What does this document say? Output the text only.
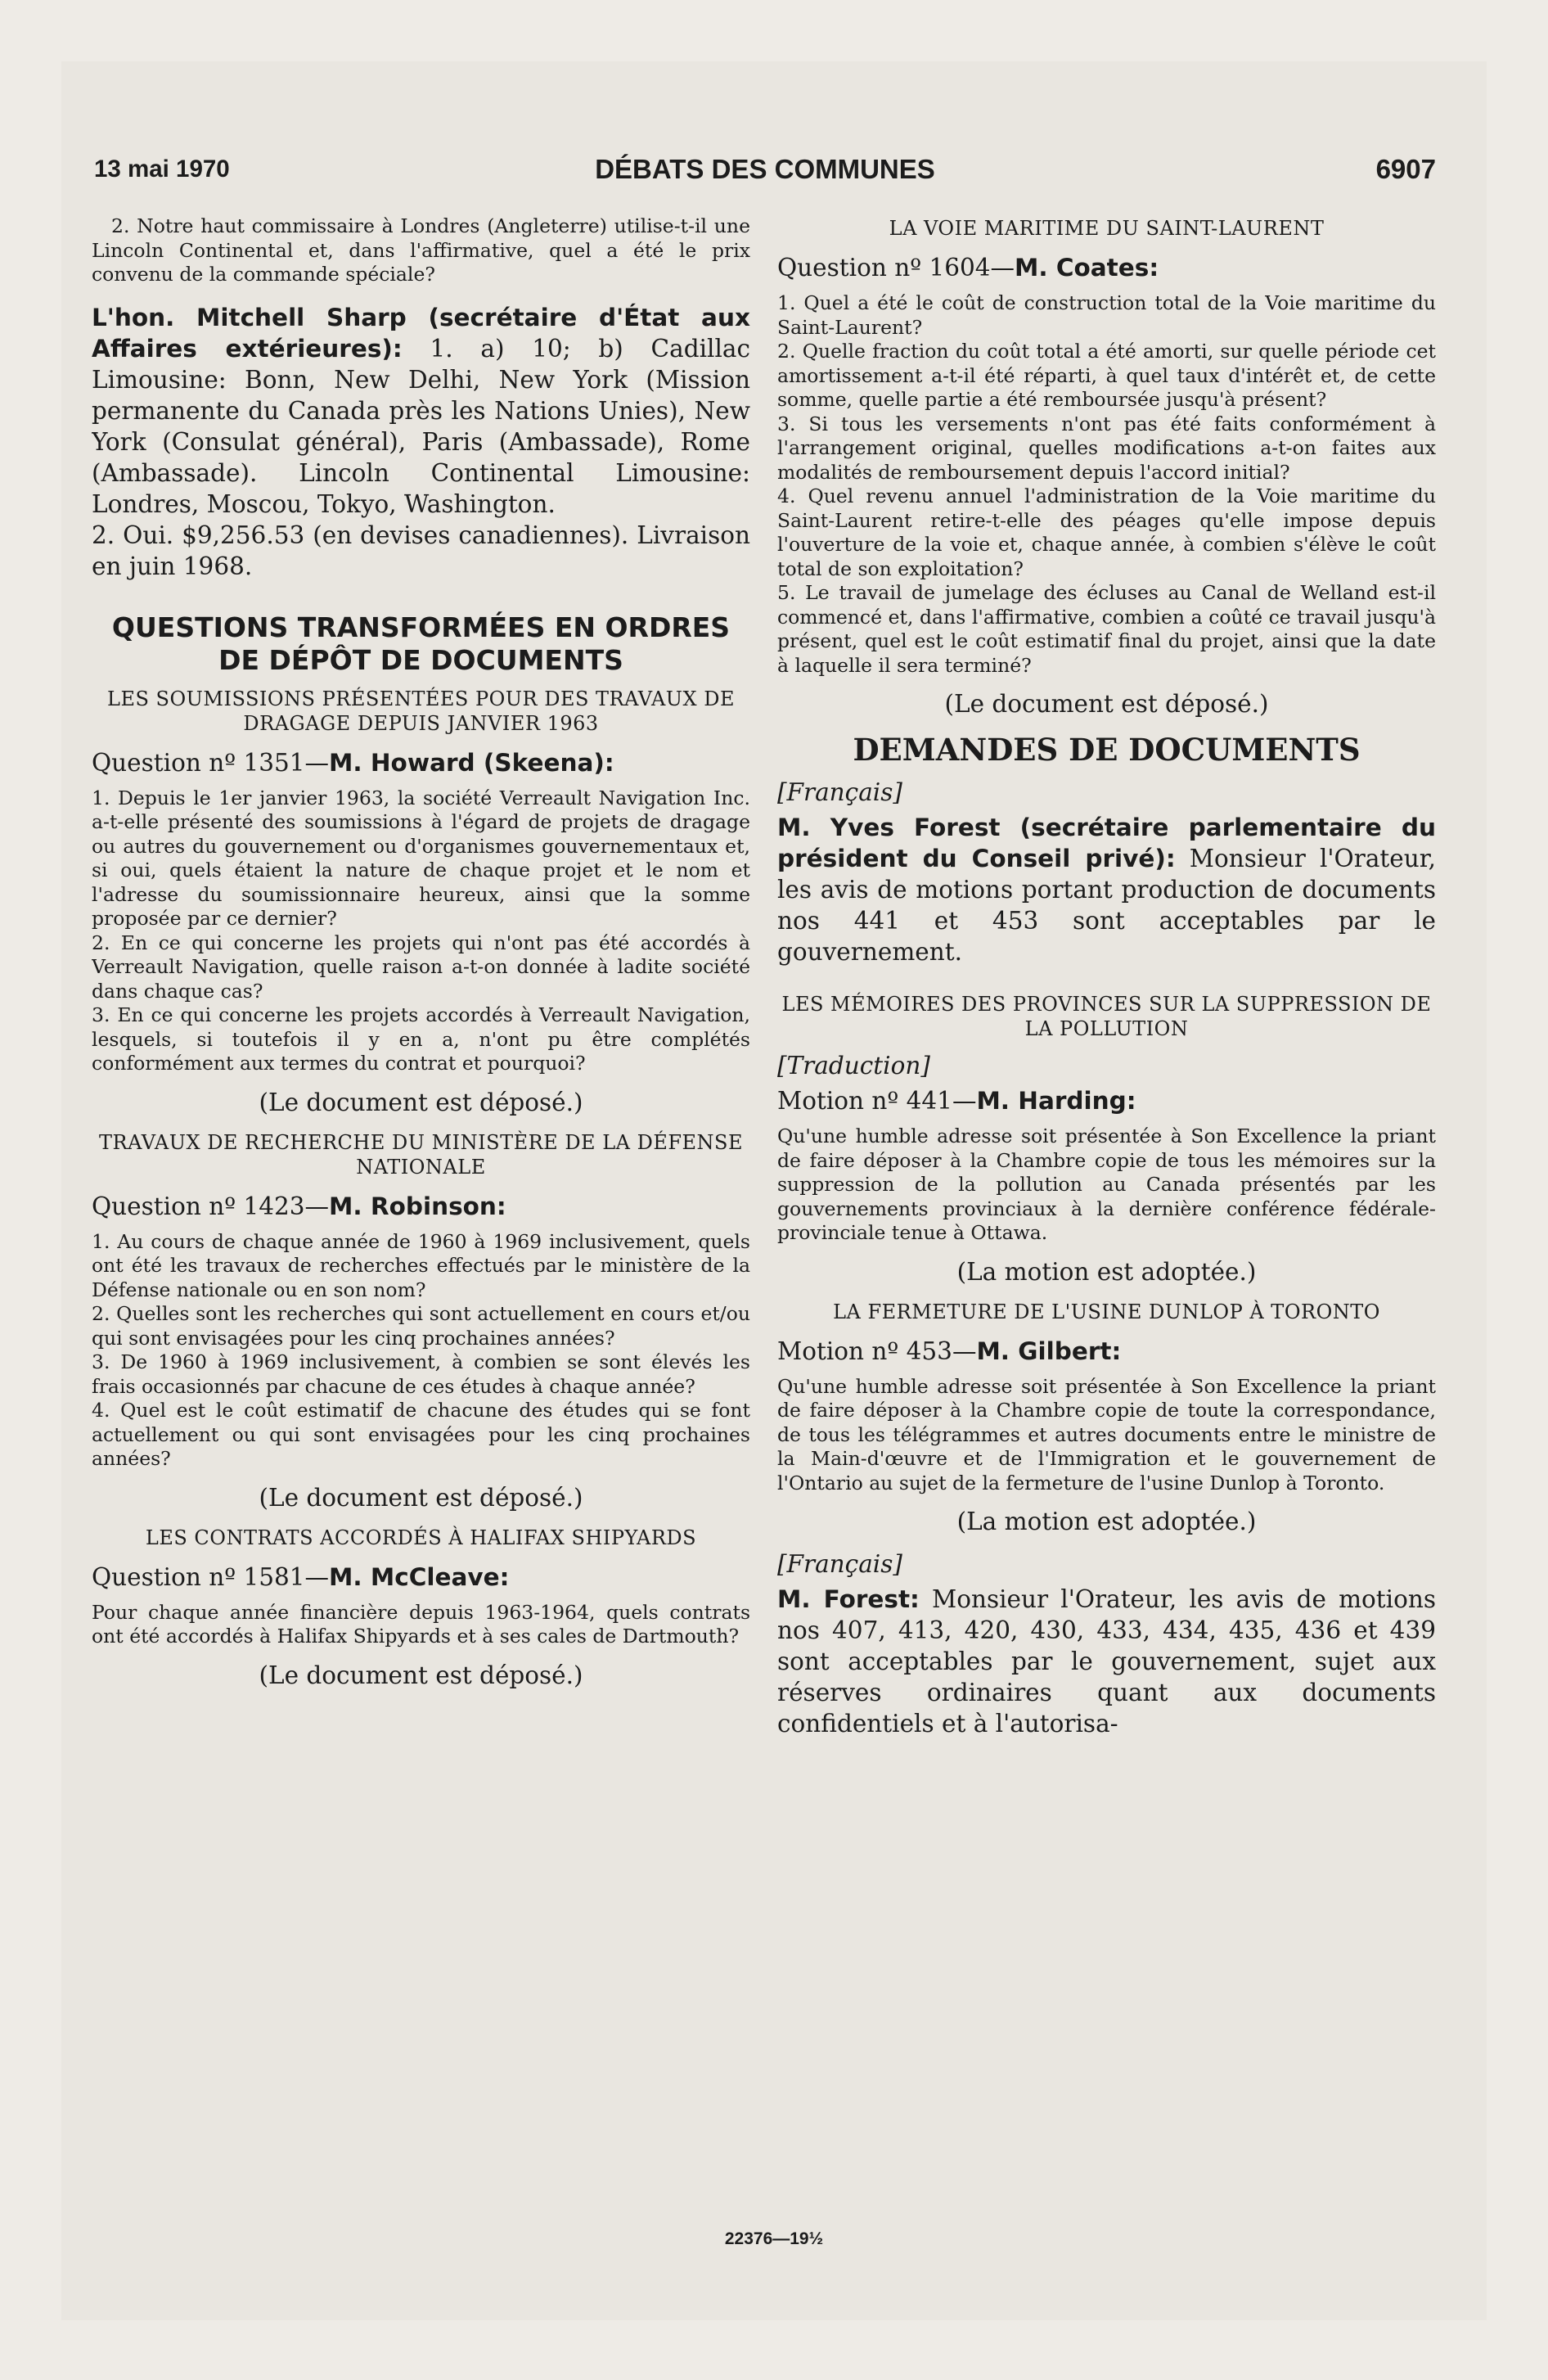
13 mai 1970	DÉBATS DES COMMUNES	6907

2. Notre haut commissaire à Londres (Angleterre) utilise-t-il une Lincoln Continental et, dans l'affirmative, quel a été le prix convenu de la commande spéciale?

L'hon. Mitchell Sharp (secrétaire d'État aux Affaires extérieures): 1. a) 10; b) Cadillac Limousine: Bonn, New Delhi, New York (Mission permanente du Canada près les Nations Unies), New York (Consulat général), Paris (Ambassade), Rome (Ambassade). Lincoln Continental Limousine: Londres, Moscou, Tokyo, Washington.

2. Oui. $9,256.53 (en devises canadiennes). Livraison en juin 1968.

QUESTIONS TRANSFORMÉES EN ORDRES DE DÉPÔT DE DOCUMENTS

LES SOUMISSIONS PRÉSENTÉES POUR DES TRAVAUX DE DRAGAGE DEPUIS JANVIER 1963

Question nº 1351—M. Howard (Skeena):

1. Depuis le 1er janvier 1963, la société Verreault Navigation Inc. a-t-elle présenté des soumissions à l'égard de projets de dragage ou autres du gouvernement ou d'organismes gouvernementaux et, si oui, quels étaient la nature de chaque projet et le nom et l'adresse du soumissionnaire heureux, ainsi que la somme proposée par ce dernier?

2. En ce qui concerne les projets qui n'ont pas été accordés à Verreault Navigation, quelle raison a-t-on donnée à ladite société dans chaque cas?

3. En ce qui concerne les projets accordés à Verreault Navigation, lesquels, si toutefois il y en a, n'ont pu être complétés conformément aux termes du contrat et pourquoi?

(Le document est déposé.)

TRAVAUX DE RECHERCHE DU MINISTÈRE DE LA DÉFENSE NATIONALE

Question nº 1423—M. Robinson:

1. Au cours de chaque année de 1960 à 1969 inclusivement, quels ont été les travaux de recherches effectués par le ministère de la Défense nationale ou en son nom?

2. Quelles sont les recherches qui sont actuellement en cours et/ou qui sont envisagées pour les cinq prochaines années?

3. De 1960 à 1969 inclusivement, à combien se sont élevés les frais occasionnés par chacune de ces études à chaque année?

4. Quel est le coût estimatif de chacune des études qui se font actuellement ou qui sont envisagées pour les cinq prochaines années?

(Le document est déposé.)

LES CONTRATS ACCORDÉS À HALIFAX SHIPYARDS

Question nº 1581—M. McCleave:

Pour chaque année financière depuis 1963-1964, quels contrats ont été accordés à Halifax Shipyards et à ses cales de Dartmouth?

(Le document est déposé.)

LA VOIE MARITIME DU SAINT-LAURENT

Question nº 1604—M. Coates:

1. Quel a été le coût de construction total de la Voie maritime du Saint-Laurent?

2. Quelle fraction du coût total a été amorti, sur quelle période cet amortissement a-t-il été réparti, à quel taux d'intérêt et, de cette somme, quelle partie a été remboursée jusqu'à présent?

3. Si tous les versements n'ont pas été faits conformément à l'arrangement original, quelles modifications a-t-on faites aux modalités de remboursement depuis l'accord initial?

4. Quel revenu annuel l'administration de la Voie maritime du Saint-Laurent retire-t-elle des péages qu'elle impose depuis l'ouverture de la voie et, chaque année, à combien s'élève le coût total de son exploitation?

5. Le travail de jumelage des écluses au Canal de Welland est-il commencé et, dans l'affirmative, combien a coûté ce travail jusqu'à présent, quel est le coût estimatif final du projet, ainsi que la date à laquelle il sera terminé?

(Le document est déposé.)

DEMANDES DE DOCUMENTS

[Français]

M. Yves Forest (secrétaire parlementaire du président du Conseil privé): Monsieur l'Orateur, les avis de motions portant production de documents nos 441 et 453 sont acceptables par le gouvernement.

LES MÉMOIRES DES PROVINCES SUR LA SUPPRESSION DE LA POLLUTION

[Traduction]

Motion nº 441—M. Harding:

Qu'une humble adresse soit présentée à Son Excellence la priant de faire déposer à la Chambre copie de tous les mémoires sur la suppression de la pollution au Canada présentés par les gouvernements provinciaux à la dernière conférence fédérale-provinciale tenue à Ottawa.

(La motion est adoptée.)

LA FERMETURE DE L'USINE DUNLOP À TORONTO

Motion nº 453—M. Gilbert:

Qu'une humble adresse soit présentée à Son Excellence la priant de faire déposer à la Chambre copie de toute la correspondance, de tous les télégrammes et autres documents entre le ministre de la Main-d'œuvre et de l'Immigration et le gouvernement de l'Ontario au sujet de la fermeture de l'usine Dunlop à Toronto.

(La motion est adoptée.)

[Français]

M. Forest: Monsieur l'Orateur, les avis de motions nos 407, 413, 420, 430, 433, 434, 435, 436 et 439 sont acceptables par le gouvernement, sujet aux réserves ordinaires quant aux documents confidentiels et à l'autorisa-

22376—19½
